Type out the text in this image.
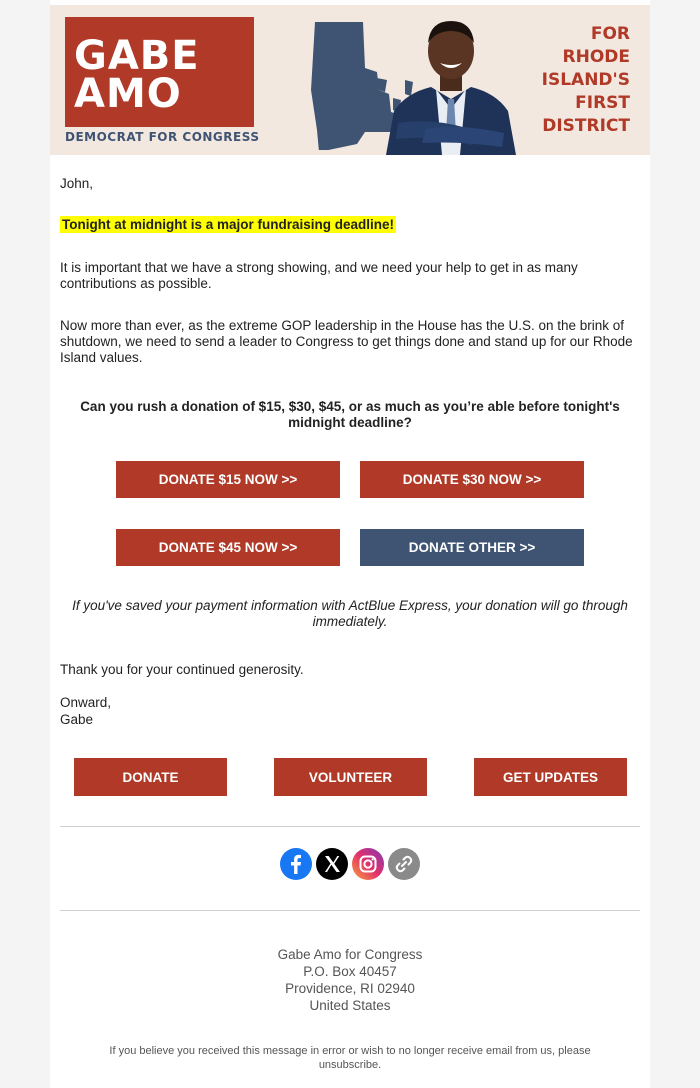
GABE
AMO
DEMOCRAT FOR CONGRESS
FOR
RHODE
ISLAND'S
FIRST
DISTRICT
John,
Tonight at midnight is a major fundraising deadline!
It is important that we have a strong showing, and we need your help to get in as many contributions as possible.
Now more than ever, as the extreme GOP leadership in the House has the U.S. on the brink of shutdown, we need to send a leader to Congress to get things done and stand up for our Rhode Island values.
Can you rush a donation of $15, $30, $45, or as much as you’re able before tonight's midnight deadline?
DONATE $15 NOW >>	DONATE $30 NOW >>
DONATE $45 NOW >>	DONATE OTHER >>
If you've saved your payment information with ActBlue Express, your donation will go through immediately.
Thank you for your continued generosity.
Onward,
Gabe
DONATE	VOLUNTEER	GET UPDATES
Gabe Amo for Congress
P.O. Box 40457
Providence, RI 02940
United States
If you believe you received this message in error or wish to no longer receive email from us, please unsubscribe.
